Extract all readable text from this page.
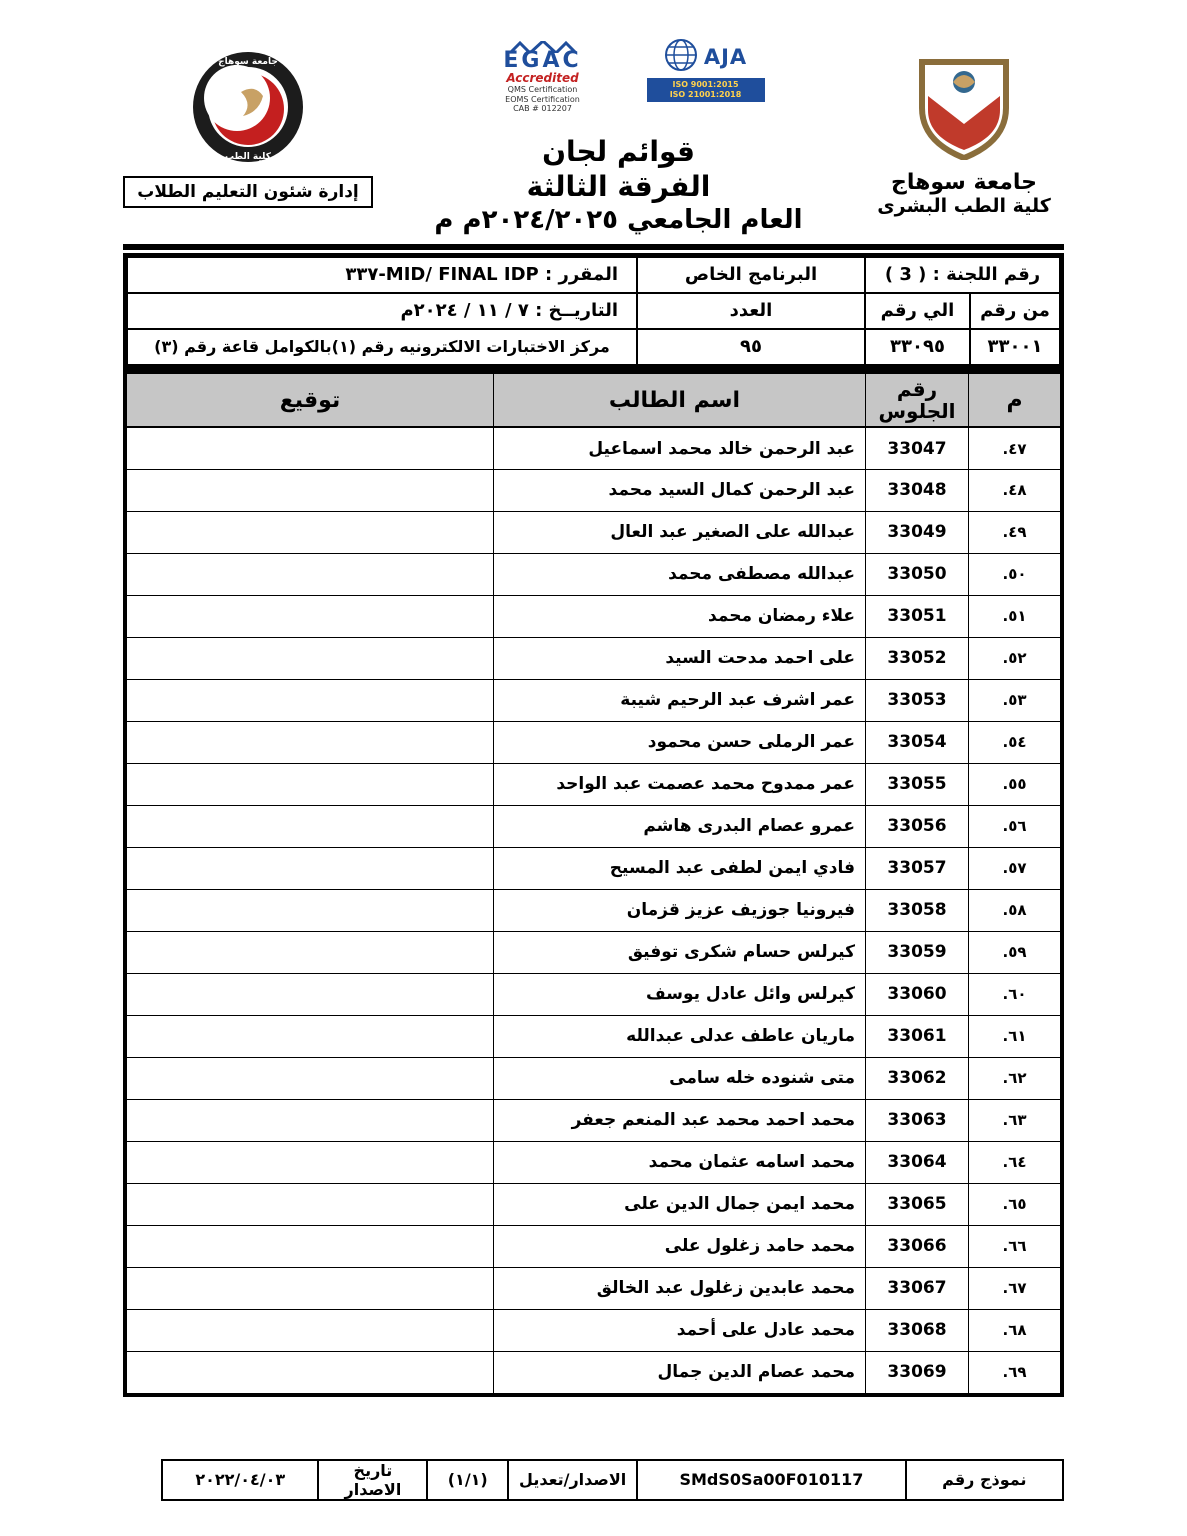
جامعة سوهاج
كلية الطب البشرى
EGAC
Accredited
QMS Certification
EOMS Certification
CAB # 012207
AJA
ISO 9001:2015
ISO 21001:2018
قوائم لجان
الفرقة الثالثة
العام الجامعي ٢٠٢٤/٢٠٢٥م م
جامعة سوهاج
كلية الطب
إدارة شئون التعليم الطلاب
رقم اللجنة : ( 3 )		البرنامج الخاص	المقرر : MID/ FINAL IDP-٣٣٧
من رقم	الي رقم	العدد	التاريــخ : ٧ / ١١ / ٢٠٢٤م
٣٣٠٠١	٣٣٠٩٥	٩٥	مركز الاختبارات الالكترونيه رقم (١)بالكوامل قاعة رقم (٣)
م	رقم الجلوس	اسم الطالب	توقيع
٤٧.	33047	عبد الرحمن خالد محمد اسماعيل	
٤٨.	33048	عبد الرحمن كمال السيد محمد	
٤٩.	33049	عبدالله على الصغير عبد العال	
٥٠.	33050	عبدالله مصطفى محمد	
٥١.	33051	علاء رمضان محمد	
٥٢.	33052	على احمد مدحت السيد	
٥٣.	33053	عمر اشرف عبد الرحيم شيبة	
٥٤.	33054	عمر الرملى حسن محمود	
٥٥.	33055	عمر ممدوح محمد عصمت عبد الواحد	
٥٦.	33056	عمرو عصام البدرى هاشم	
٥٧.	33057	فادي ايمن لطفى عبد المسيح	
٥٨.	33058	فيرونيا جوزيف عزيز قزمان	
٥٩.	33059	كيرلس حسام شكرى توفيق	
٦٠.	33060	كيرلس وائل عادل يوسف	
٦١.	33061	ماريان عاطف عدلى عبدالله	
٦٢.	33062	متى شنوده خله سامى	
٦٣.	33063	محمد احمد محمد عبد المنعم جعفر	
٦٤.	33064	محمد اسامه عثمان محمد	
٦٥.	33065	محمد ايمن جمال الدين على	
٦٦.	33066	محمد حامد زغلول على	
٦٧.	33067	محمد عابدين زغلول عبد الخالق	
٦٨.	33068	محمد عادل على أحمد	
٦٩.	33069	محمد عصام الدين جمال	
نموذج رقم	SMdS0Sa00F010117	الاصدار/تعديل	(١/١)	تاريخ الاصدار	٢٠٢٢/٠٤/٠٣
